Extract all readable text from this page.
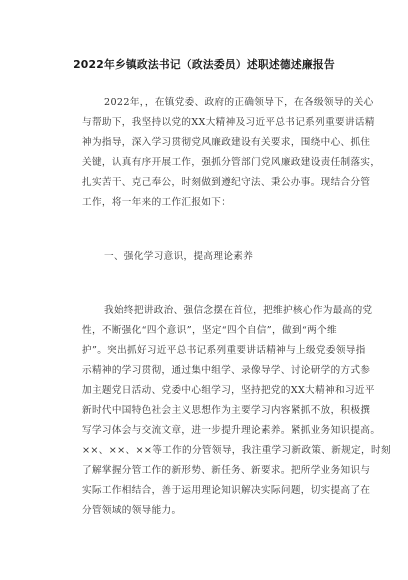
2022年乡镇政法书记（政法委员）述职述德述廉报告
2022年，，在镇党委、政府的正确领导下，在各级领导的关心
与帮助下，我坚持以党的XX大精神及习近平总书记系列重要讲话精
神为指导，深入学习贯彻党风廉政建设有关要求，围绕中心、抓住
关键，认真有序开展工作，强抓分管部门党风廉政建设责任制落实，
扎实苦干、克己奉公，时刻做到遵纪守法、秉公办事。现结合分管
工作，将一年来的工作汇报如下：
一、强化学习意识，提高理论素养
我始终把讲政治、强信念摆在首位，把维护核心作为最高的党
性，不断强化“四个意识”，坚定“四个自信”，做到“两个维
护”。突出抓好习近平总书记系列重要讲话精神与上级党委领导指
示精神的学习贯彻，通过集中组学、录像导学、讨论研学的方式参
加主题党日活动、党委中心组学习，坚持把党的XX大精神和习近平
新时代中国特色社会主义思想作为主要学习内容紧抓不放，积极撰
写学习体会与交流文章，进一步提升理论素养。紧抓业务知识提高。
××、××、××等工作的分管领导，我注重学习新政策、新规定，时刻
了解掌握分管工作的新形势、新任务、新要求。把所学业务知识与
实际工作相结合，善于运用理论知识解决实际问题，切实提高了在
分管领域的领导能力。
